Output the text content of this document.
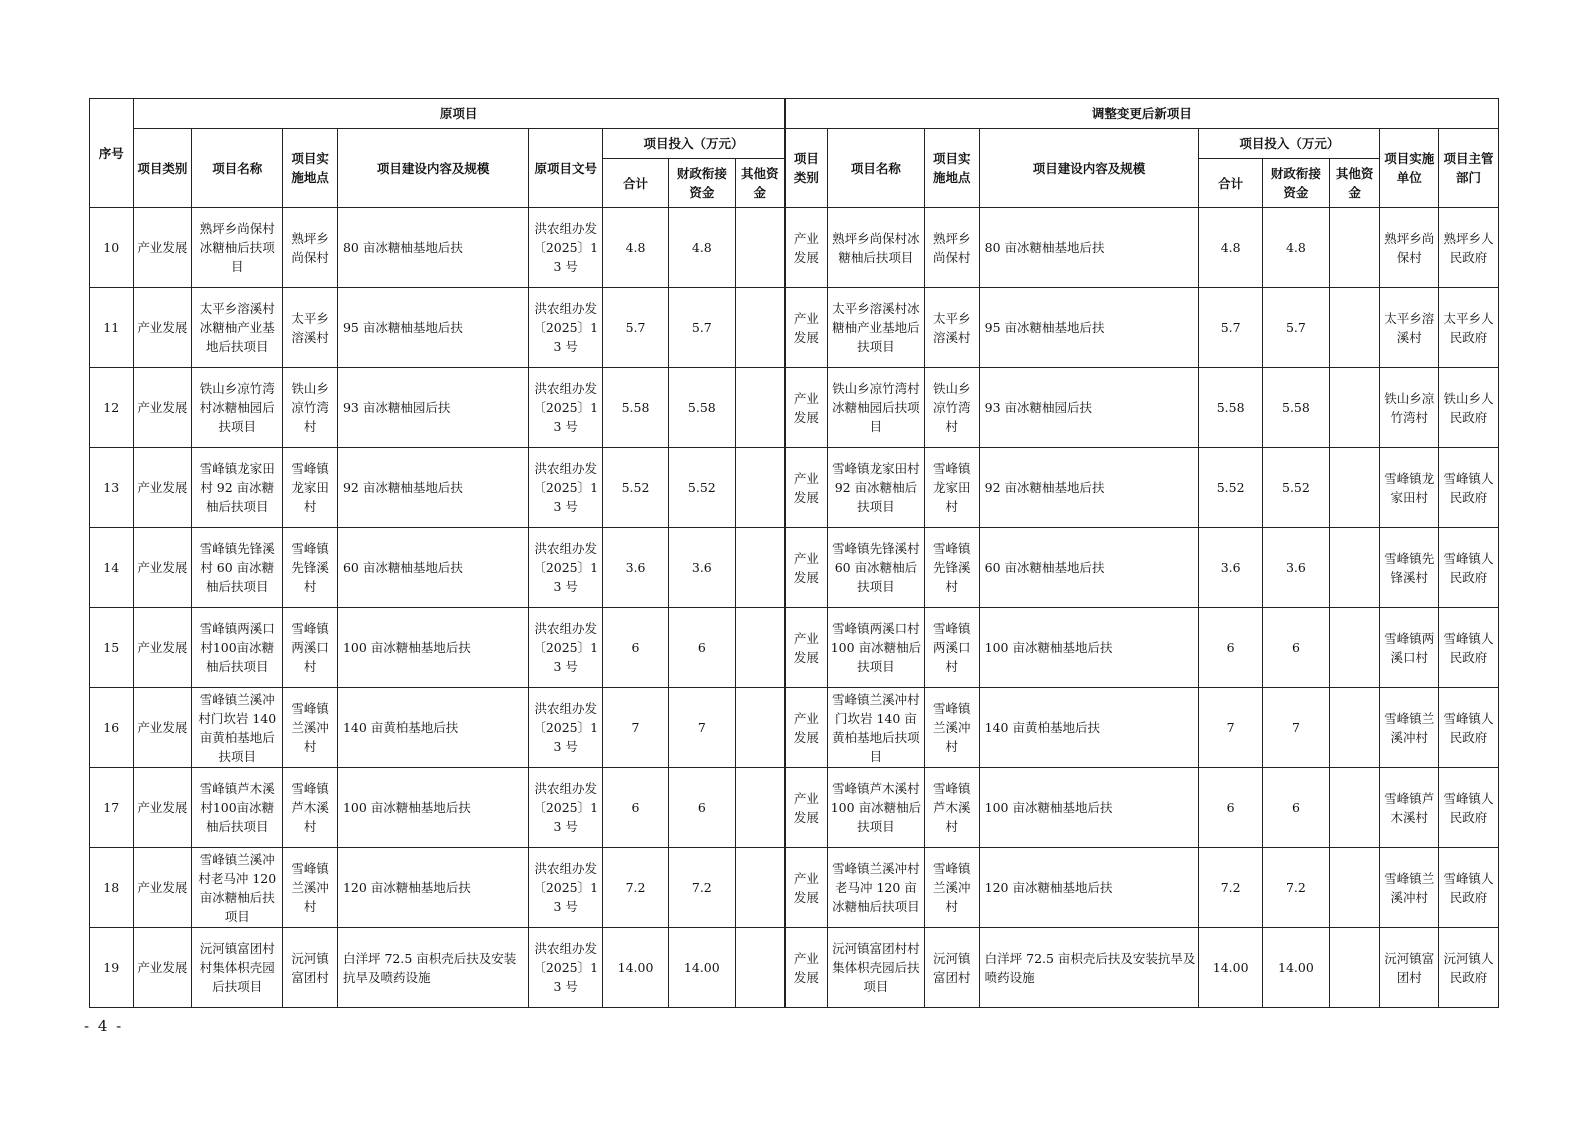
序号	原项目								调整变更后新项目								
	项目类别	项目名称	项目实施地点	项目建设内容及规模	原项目文号	项目投入（万元）			项目类别	项目名称	项目实施地点	项目建设内容及规模	项目投入（万元）			项目实施单位	项目主管部门
						合计	财政衔接资金	其他资金					合计	财政衔接资金	其他资金		
10	产业发展	熟坪乡尚保村冰糖柚后扶项目	熟坪乡尚保村	80 亩冰糖柚基地后扶	洪农组办发〔2025〕13 号	4.8	4.8		产业发展	熟坪乡尚保村冰糖柚后扶项目	熟坪乡尚保村	80 亩冰糖柚基地后扶	4.8	4.8		熟坪乡尚保村	熟坪乡人民政府
11	产业发展	太平乡溶溪村冰糖柚产业基地后扶项目	太平乡溶溪村	95 亩冰糖柚基地后扶	洪农组办发〔2025〕13 号	5.7	5.7		产业发展	太平乡溶溪村冰糖柚产业基地后扶项目	太平乡溶溪村	95 亩冰糖柚基地后扶	5.7	5.7		太平乡溶溪村	太平乡人民政府
12	产业发展	铁山乡凉竹湾村冰糖柚园后扶项目	铁山乡凉竹湾村	93 亩冰糖柚园后扶	洪农组办发〔2025〕13 号	5.58	5.58		产业发展	铁山乡凉竹湾村冰糖柚园后扶项目	铁山乡凉竹湾村	93 亩冰糖柚园后扶	5.58	5.58		铁山乡凉竹湾村	铁山乡人民政府
13	产业发展	雪峰镇龙家田村 92 亩冰糖柚后扶项目	雪峰镇龙家田村	92 亩冰糖柚基地后扶	洪农组办发〔2025〕13 号	5.52	5.52		产业发展	雪峰镇龙家田村 92 亩冰糖柚后扶项目	雪峰镇龙家田村	92 亩冰糖柚基地后扶	5.52	5.52		雪峰镇龙家田村	雪峰镇人民政府
14	产业发展	雪峰镇先锋溪村 60 亩冰糖柚后扶项目	雪峰镇先锋溪村	60 亩冰糖柚基地后扶	洪农组办发〔2025〕13 号	3.6	3.6		产业发展	雪峰镇先锋溪村 60 亩冰糖柚后扶项目	雪峰镇先锋溪村	60 亩冰糖柚基地后扶	3.6	3.6		雪峰镇先锋溪村	雪峰镇人民政府
15	产业发展	雪峰镇两溪口村100亩冰糖柚后扶项目	雪峰镇两溪口村	100 亩冰糖柚基地后扶	洪农组办发〔2025〕13 号	6	6		产业发展	雪峰镇两溪口村 100 亩冰糖柚后扶项目	雪峰镇两溪口村	100 亩冰糖柚基地后扶	6	6		雪峰镇两溪口村	雪峰镇人民政府
16	产业发展	雪峰镇兰溪冲村门坎岩 140 亩黄柏基地后扶项目	雪峰镇兰溪冲村	140 亩黄柏基地后扶	洪农组办发〔2025〕13 号	7	7		产业发展	雪峰镇兰溪冲村门坎岩 140 亩黄柏基地后扶项目	雪峰镇兰溪冲村	140 亩黄柏基地后扶	7	7		雪峰镇兰溪冲村	雪峰镇人民政府
17	产业发展	雪峰镇芦木溪村100亩冰糖柚后扶项目	雪峰镇芦木溪村	100 亩冰糖柚基地后扶	洪农组办发〔2025〕13 号	6	6		产业发展	雪峰镇芦木溪村 100 亩冰糖柚后扶项目	雪峰镇芦木溪村	100 亩冰糖柚基地后扶	6	6		雪峰镇芦木溪村	雪峰镇人民政府
18	产业发展	雪峰镇兰溪冲村老马冲 120 亩冰糖柚后扶项目	雪峰镇兰溪冲村	120 亩冰糖柚基地后扶	洪农组办发〔2025〕13 号	7.2	7.2		产业发展	雪峰镇兰溪冲村老马冲 120 亩冰糖柚后扶项目	雪峰镇兰溪冲村	120 亩冰糖柚基地后扶	7.2	7.2		雪峰镇兰溪冲村	雪峰镇人民政府
19	产业发展	沅河镇富团村村集体枳壳园后扶项目	沅河镇富团村	白洋坪 72.5 亩枳壳后扶及安装抗旱及喷药设施	洪农组办发〔2025〕13 号	14.00	14.00		产业发展	沅河镇富团村村集体枳壳园后扶项目	沅河镇富团村	白洋坪 72.5 亩枳壳后扶及安装抗旱及喷药设施	14.00	14.00		沅河镇富团村	沅河镇人民政府
- 4 -
